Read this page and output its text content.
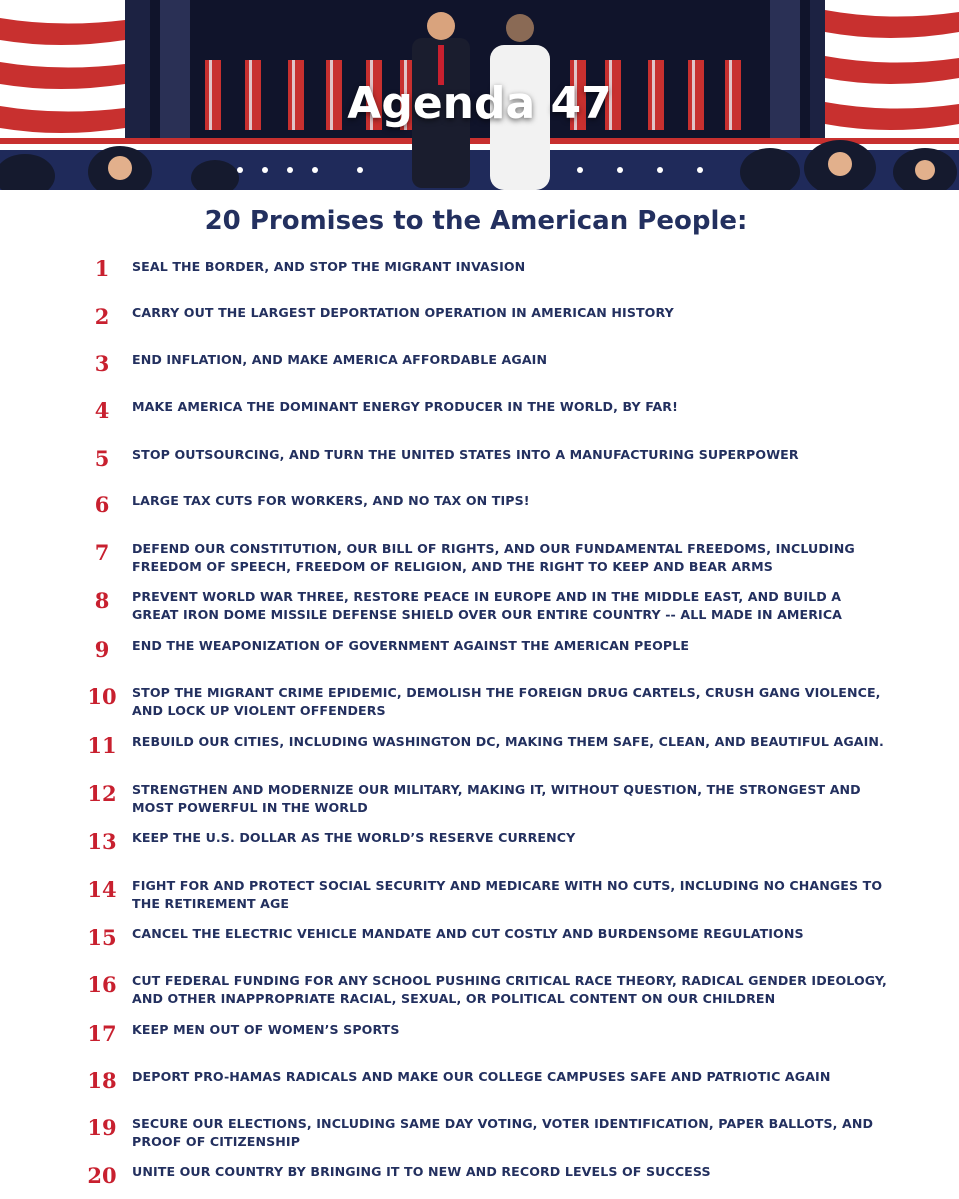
Agenda 47
20 Promises to the American People:
1	SEAL THE BORDER, AND STOP THE MIGRANT INVASION
2	CARRY OUT THE LARGEST DEPORTATION OPERATION IN AMERICAN HISTORY
3	END INFLATION, AND MAKE AMERICA AFFORDABLE AGAIN
4	MAKE AMERICA THE DOMINANT ENERGY PRODUCER IN THE WORLD, BY FAR!
5	STOP OUTSOURCING, AND TURN THE UNITED STATES INTO A MANUFACTURING SUPERPOWER
6	LARGE TAX CUTS FOR WORKERS, AND NO TAX ON TIPS!
7	DEFEND OUR CONSTITUTION, OUR BILL OF RIGHTS, AND OUR FUNDAMENTAL FREEDOMS, INCLUDING FREEDOM OF SPEECH, FREEDOM OF RELIGION, AND THE RIGHT TO KEEP AND BEAR ARMS
8	PREVENT WORLD WAR THREE, RESTORE PEACE IN EUROPE AND IN THE MIDDLE EAST, AND BUILD A GREAT IRON DOME MISSILE DEFENSE SHIELD OVER OUR ENTIRE COUNTRY -- ALL MADE IN AMERICA
9	END THE WEAPONIZATION OF GOVERNMENT AGAINST THE AMERICAN PEOPLE
10	STOP THE MIGRANT CRIME EPIDEMIC, DEMOLISH THE FOREIGN DRUG CARTELS, CRUSH GANG VIOLENCE, AND LOCK UP VIOLENT OFFENDERS
11	REBUILD OUR CITIES, INCLUDING WASHINGTON DC, MAKING THEM SAFE, CLEAN, AND BEAUTIFUL AGAIN.
12	STRENGTHEN AND MODERNIZE OUR MILITARY, MAKING IT, WITHOUT QUESTION, THE STRONGEST AND MOST POWERFUL IN THE WORLD
13	KEEP THE U.S. DOLLAR AS THE WORLD’S RESERVE CURRENCY
14	FIGHT FOR AND PROTECT SOCIAL SECURITY AND MEDICARE WITH NO CUTS, INCLUDING NO CHANGES TO THE RETIREMENT AGE
15	CANCEL THE ELECTRIC VEHICLE MANDATE AND CUT COSTLY AND BURDENSOME REGULATIONS
16	CUT FEDERAL FUNDING FOR ANY SCHOOL PUSHING CRITICAL RACE THEORY, RADICAL GENDER IDEOLOGY, AND OTHER INAPPROPRIATE RACIAL, SEXUAL, OR POLITICAL CONTENT ON OUR CHILDREN
17	KEEP MEN OUT OF WOMEN’S SPORTS
18	DEPORT PRO-HAMAS RADICALS AND MAKE OUR COLLEGE CAMPUSES SAFE AND PATRIOTIC AGAIN
19	SECURE OUR ELECTIONS, INCLUDING SAME DAY VOTING, VOTER IDENTIFICATION, PAPER BALLOTS, AND PROOF OF CITIZENSHIP
20	UNITE OUR COUNTRY BY BRINGING IT TO NEW AND RECORD LEVELS OF SUCCESS
